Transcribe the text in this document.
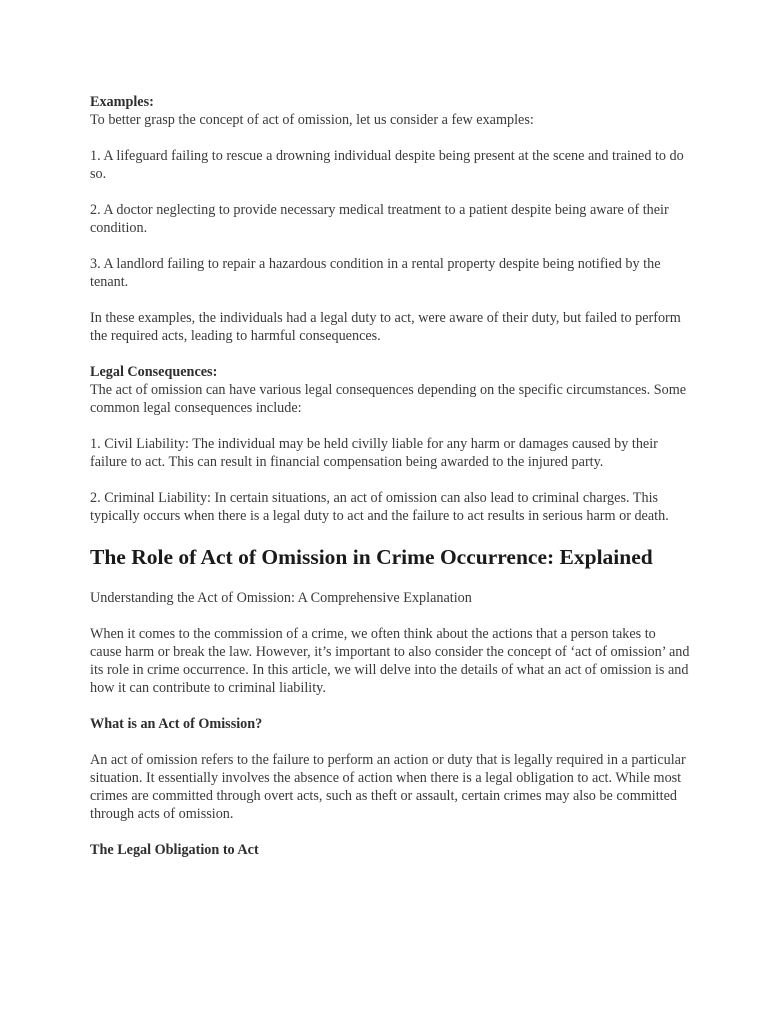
Examples:

To better grasp the concept of act of omission, let us consider a few examples:

1. A lifeguard failing to rescue a drowning individual despite being present at the scene and trained to do so.

2. A doctor neglecting to provide necessary medical treatment to a patient despite being aware of their condition.

3. A landlord failing to repair a hazardous condition in a rental property despite being notified by the tenant.

In these examples, the individuals had a legal duty to act, were aware of their duty, but failed to perform the required acts, leading to harmful consequences.

Legal Consequences:

The act of omission can have various legal consequences depending on the specific circumstances. Some common legal consequences include:

1. Civil Liability: The individual may be held civilly liable for any harm or damages caused by their failure to act. This can result in financial compensation being awarded to the injured party.

2. Criminal Liability: In certain situations, an act of omission can also lead to criminal charges. This typically occurs when there is a legal duty to act and the failure to act results in serious harm or death.

The Role of Act of Omission in Crime Occurrence: Explained

Understanding the Act of Omission: A Comprehensive Explanation

When it comes to the commission of a crime, we often think about the actions that a person takes to cause harm or break the law. However, it’s important to also consider the concept of ‘act of omission’ and its role in crime occurrence. In this article, we will delve into the details of what an act of omission is and how it can contribute to criminal liability.

What is an Act of Omission?

An act of omission refers to the failure to perform an action or duty that is legally required in a particular situation. It essentially involves the absence of action when there is a legal obligation to act. While most crimes are committed through overt acts, such as theft or assault, certain crimes may also be committed through acts of omission.

The Legal Obligation to Act
